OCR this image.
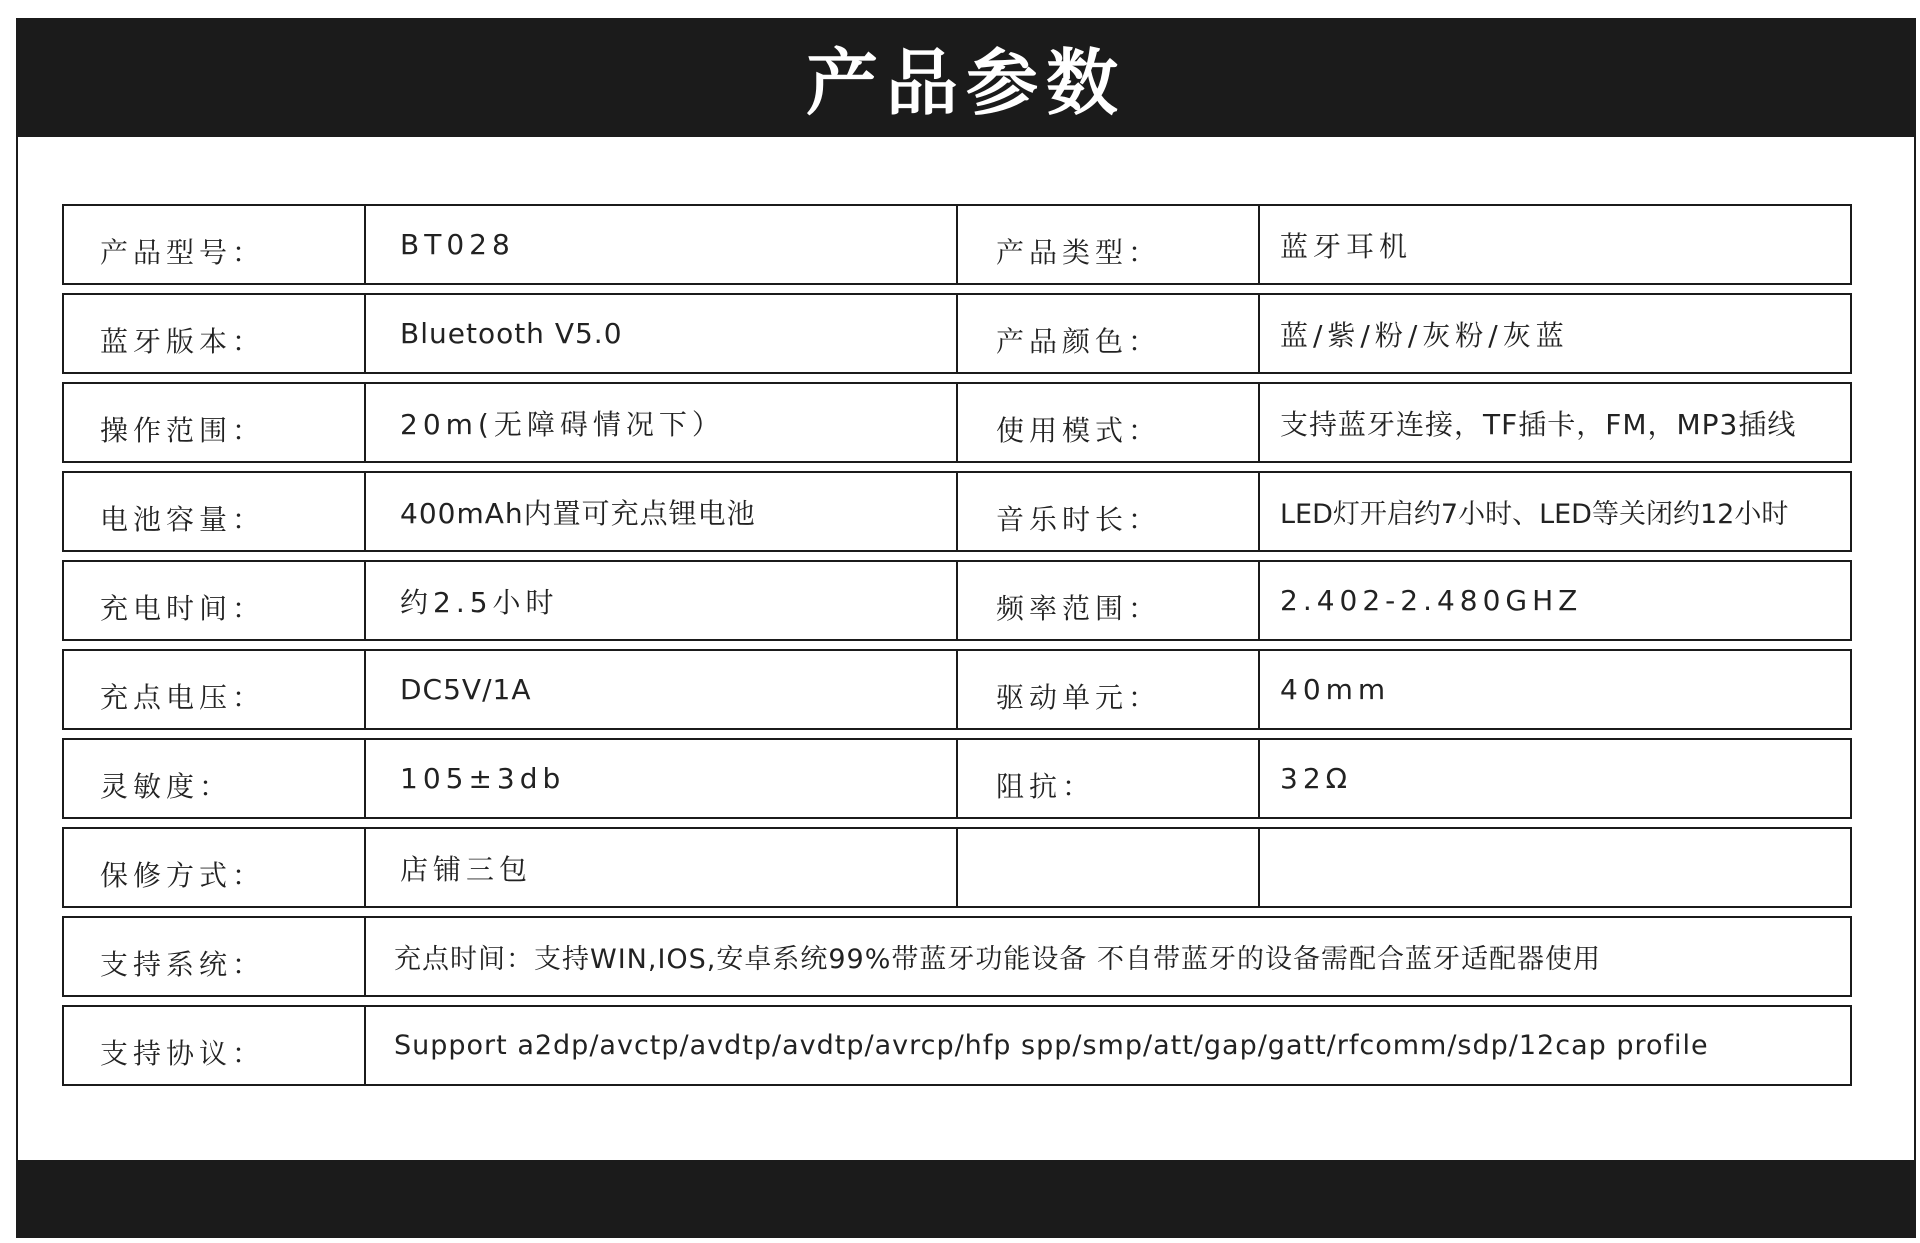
产品参数
产品型号：	BT028	产品类型：	蓝牙耳机
蓝牙版本：	Bluetooth V5.0	产品颜色：	蓝/紫/粉/灰粉/灰蓝
操作范围：	20m(无障碍情况下）	使用模式：	支持蓝牙连接，TF插卡，FM，MP3插线
电池容量：	400mAh内置可充点锂电池	音乐时长：	LED灯开启约7小时、LED等关闭约12小时
充电时间：	约2.5小时	频率范围：	2.402-2.480GHZ
充点电压：	DC5V/1A	驱动单元：	40mm
灵敏度：	105±3db	阻抗：	32Ω
保修方式：	店铺三包
支持系统：	充点时间：支持WIN,IOS,安卓系统99%带蓝牙功能设备 不自带蓝牙的设备需配合蓝牙适配器使用
支持协议：	Support a2dp/avctp/avdtp/avdtp/avrcp/hfp spp/smp/att/gap/gatt/rfcomm/sdp/12cap profile
